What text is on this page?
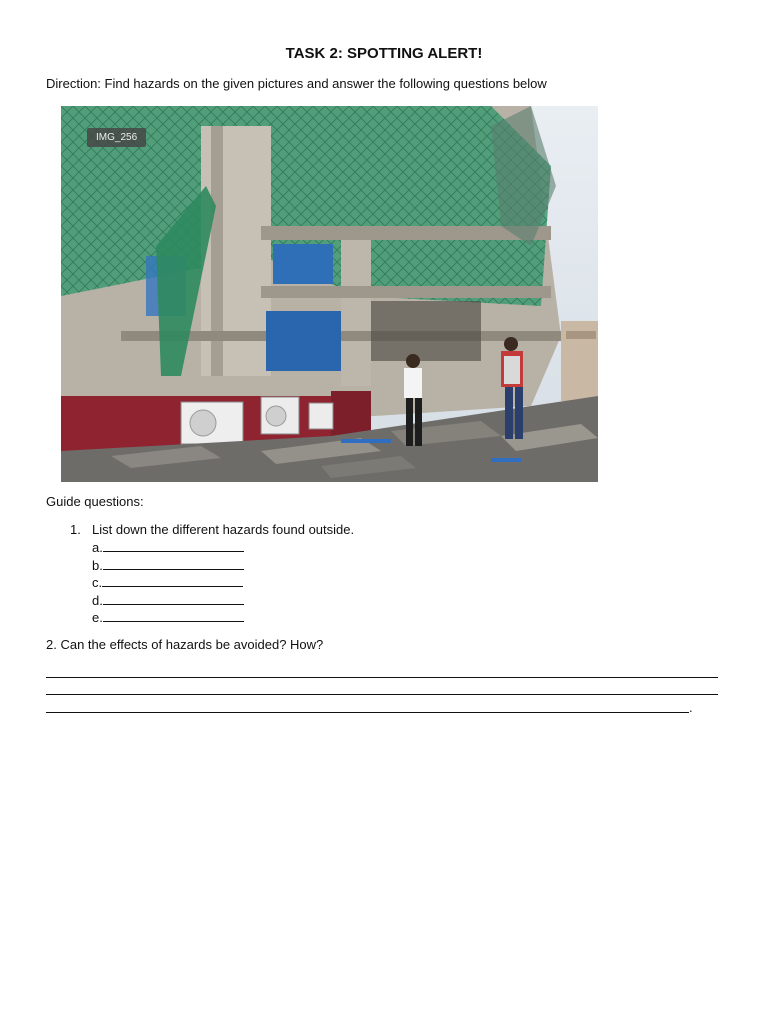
TASK 2: SPOTTING ALERT!
Direction: Find hazards on the given pictures and answer the following questions below
IMG_256
Guide questions:
1. List down the different hazards found outside.
a.
b.
c.
d.
e.
2. Can the effects of hazards be avoided? How?
.
